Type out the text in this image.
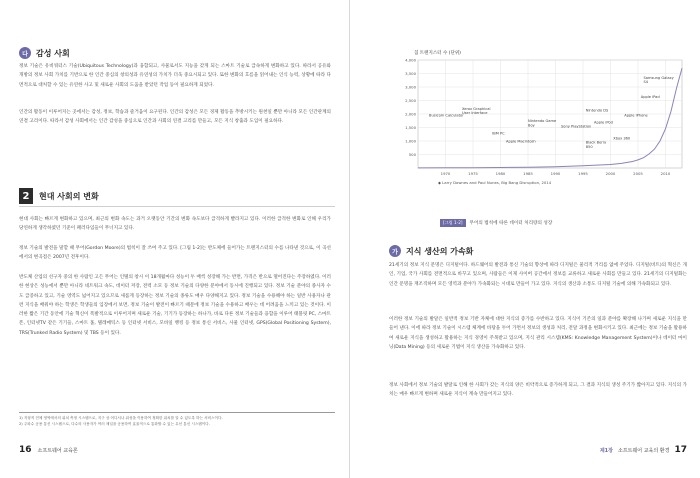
다	감성 사회

정보 기술은 유비쿼터스 기술(Ubiquitous Technology)과 융합되고, 사물로서도 지능을 갖게 되는 스마트 기술로 급속하게 변화하고 있다. 따라서 공유와 개방의 정보 사회 가치를 기반으로 한 인간 중심의 창의성과 유연성의 가치가 더욱 중요시되고 있다. 또한 변화의 흐름을 읽어내는 인식 능력, 상황에 따라 다면적으로 대처할 수 있는 유연한 사고 및 새로운 사회의 도움을 받았던 작업 등이 필요하게 되었다.

인간의 활동이 이루어지는 곳에서는 감성, 정보, 학습과 즐거움이 요구된다. 인간의 감성은 모든 경제 활동을 추방시키는 원천일 뿐만 아니라 모든 인간관계의 연결 고리이다. 따라서 감성 사회에서는 인간 감성을 중심으로 인간과 사회의 연결 고리를 만들고, 모든 지식 창출과 도입이 필요하다.

2	현대 사회의 변화

현대 사회는 빠르게 변화하고 있으며, 최근의 변화 속도는 과거 오랫동안 기간의 변화 속도보다 급격하게 빨라지고 있다. 이러한 급격한 변화로 인해 우리가 당연하게 생각하였던 기준이 패러다임들이 무너지고 있다.

정보 기술의 발전을 말할 때 무어(Gordon Moore)의 법칙이 잘 쓰여 주고 있다. [그림 1-2]는 반도체에 들어가는 트랜지스터의 수를 나타낸 것으로, 이 곡선에서의 변곡점은 2007년 전후이다.

반도체 산업의 선구자 중의 한 사람인 고든 무어는 인텔의 창시 이 18개월마다 성능이 두 배씩 성장해 가는 반면, 가격은 반으로 떨어진다는 주장하였다. 이러한 현상은 성능에서 뿐만 아니라 네트워크 속도, 데이터 저장, 전력 소모 등 정보 기술의 다양한 분야에서 동시에 진행되고 있다. 정보 기술 분야의 종사자 수도 급증하고 있고, 기술 영역도 넓어지고 있으므로 새롭게 등장하는 정보 기술의 종류도 매우 다양해지고 있다. 정보 기술을 수용해야 하는 일반 사용자나 관련 지식을 배워야 하는 학생은 학생들의 입장에서 보면, 정보 기술이 발전이 빠르기 때문에 정보 기술을 수용하고 배우는 데 어려움을 느끼고 있는 것이다. 이러한 짧은 기간 동안에 기술 혁신이 폭발적으로 이루어지며 새로운 기술, 기기가 등장하는 하나가, 바로 다른 정보 기술들과 융합을 이루어 태블릿 PC, 스마트폰, 인터넷TV 같은 기기들, 스마트 홈, 텔레매틱스 등 인터넷 서비스, 모바일 뱅킹 등 정보 통신 서비스, 사물 인터넷, GPS(Global Positioning System), TRS(Trunked Radio System) 및 TBS 등이 있다.

1) 지형적 전체 영역에서의 위치 측정 시스템으로, 지구 상 어디서나 위성을 이용하여 정확한 위치를 알 수 있도록 하는 서비스이다.
2) 주파수 공용 통신 시스템으로, 다수의 사용자가 여러 채널을 공용하여 효율적으로 통화할 수 있는 무선 통신 시스템이다.
16 소프트웨어 교육론
가	지식 생산의 가속화

21세기의 정보 지식 문명은 디지털이다. 하드웨어의 발전과 통신 기술의 향상에 따라 디지털은 물리적 거리를 없애 주었다. 디지털(비트)의 혁신은 개인, 기업, 국가 사회를 전면적으로 바꾸고 있으며, 사람들은 이제 사이버 공간에서 정보를 교류하고 새로운 사회를 만들고 있다. 21세기의 디지털화는 인간 문명을 재조직하며 모든 영역과 분야가 가속화되는 시대로 만들어 가고 있다. 지식의 생산과 소통도 디지털 기술에 의해 가속화되고 있다.

이러한 정보 기술의 발달은 일반적 정보 기반 자체에 대한 지식의 증가를 수반하고 있다. 지식이 기존의 일과 분야를 확장해 나가며 새로운 지식을 만들어 낸다. 이에 따라 정보 기술이 시스템 체계에 바탕을 두어 가면서 정보의 생성과 처리, 전달 과정을 변화시키고 있다. 최근에는 정보 기술을 활용하여 새로운 지식을 생성하고 활용하는 지식 경영이 주목받고 있으며, 지식 관리 시스템(KMS: Knowledge Management System)이나 데이터 마이닝(Data Mining) 등의 새로운 기법이 지식 생산을 가속화하고 있다.

정보 사회에서 정보 기술의 발달로 인해 한 사회가 갖는 지식의 양은 비약적으로 증가하게 되고, 그 결과 지식의 생성 주기가 짧아지고 있다. 지식의 가치는 매우 빠르게 변하며 새로운 지식이 계속 만들어지고 있다.

제1장 소프트웨어 교육의 환경 17
칩 트랜지스터 수 (단위)
500
1,000
1,500
2,000
2,500
3,000
3,500
4,000
1970	1975	1980	1985	1990	1995	2000	2005	2010
Busicom Calculator
Xerox Graphical User Interface
IBM PC
Apple Macintosh
Nintendo Game Boy	Sony PlayStation
Nintendo DS
Apple iPod
Black Berry 850
Xbox 360
Apple iPhone
Apple iPad
Samsung Galaxy S4
◆ Larry Downes and Paul Nunes, Big Bang Disruption, 2014
[그림 1-2]	무어의 법칙에 따른 데이터 처리량의 성장
